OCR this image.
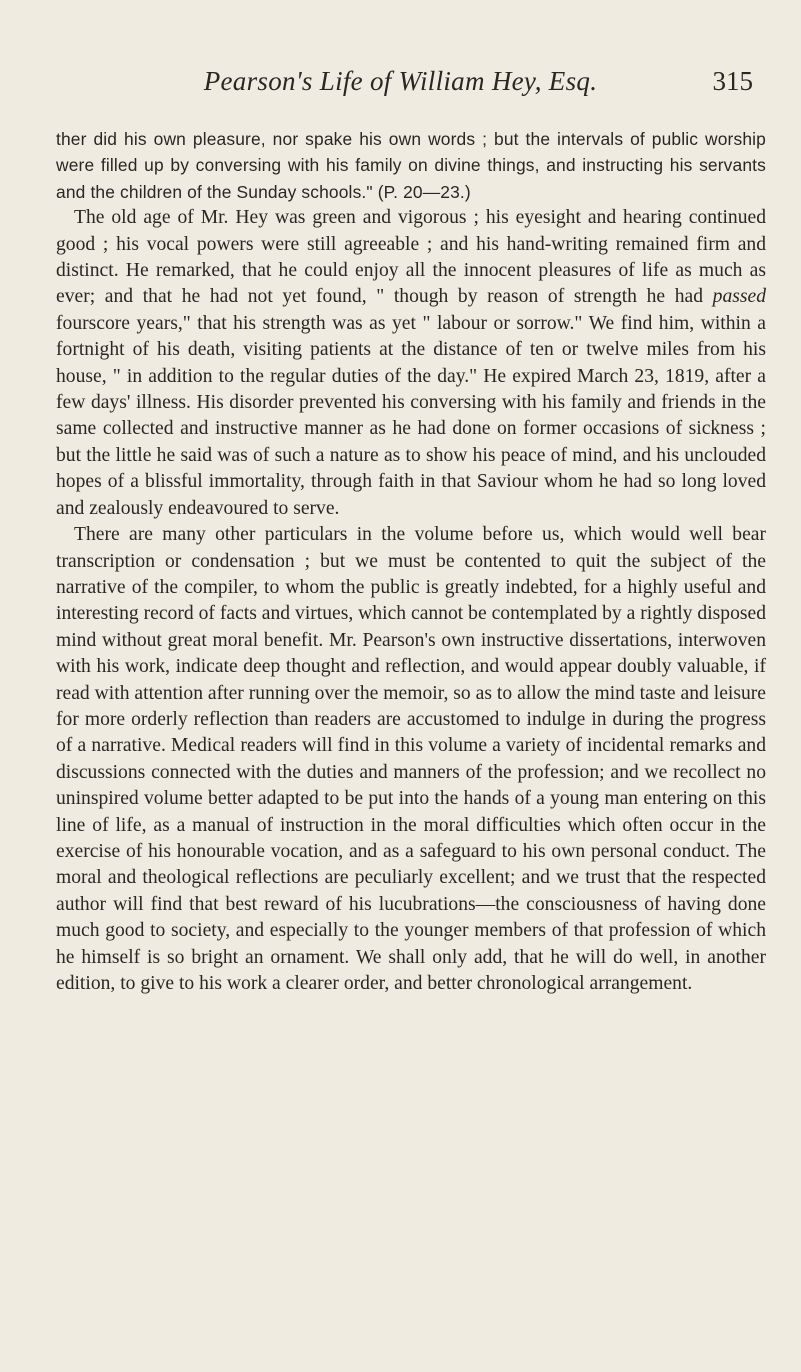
Pearson's Life of William Hey, Esq.	315

ther did his own pleasure, nor spake his own words ; but the intervals of public worship were filled up by conversing with his family on divine things, and instructing his servants and the children of the Sunday schools." (P. 20—23.)

The old age of Mr. Hey was green and vigorous ; his eyesight and hearing continued good ; his vocal powers were still agreeable ; and his hand-writing remained firm and distinct. He remarked, that he could enjoy all the innocent pleasures of life as much as ever; and that he had not yet found, " though by reason of strength he had passed fourscore years," that his strength was as yet " labour or sorrow." We find him, within a fortnight of his death, visiting patients at the distance of ten or twelve miles from his house, " in addition to the regular duties of the day." He expired March 23, 1819, after a few days' illness. His disorder prevented his conversing with his family and friends in the same collected and instructive manner as he had done on former occasions of sickness ; but the little he said was of such a nature as to show his peace of mind, and his unclouded hopes of a blissful immortality, through faith in that Saviour whom he had so long loved and zealously endeavoured to serve.

There are many other particulars in the volume before us, which would well bear transcription or condensation ; but we must be contented to quit the subject of the narrative of the compiler, to whom the public is greatly indebted, for a highly useful and interesting record of facts and virtues, which cannot be contemplated by a rightly disposed mind without great moral benefit. Mr. Pearson's own instructive dissertations, interwoven with his work, indicate deep thought and reflection, and would appear doubly valuable, if read with attention after running over the memoir, so as to allow the mind taste and leisure for more orderly reflection than readers are accustomed to indulge in during the progress of a narrative. Medical readers will find in this volume a variety of incidental remarks and discussions connected with the duties and manners of the profession; and we recollect no uninspired volume better adapted to be put into the hands of a young man entering on this line of life, as a manual of instruction in the moral difficulties which often occur in the exercise of his honourable vocation, and as a safeguard to his own personal conduct. The moral and theological reflections are peculiarly excellent; and we trust that the respected author will find that best reward of his lucubrations—the consciousness of having done much good to society, and especially to the younger members of that profession of which he himself is so bright an ornament. We shall only add, that he will do well, in another edition, to give to his work a clearer order, and better chronological arrangement.
